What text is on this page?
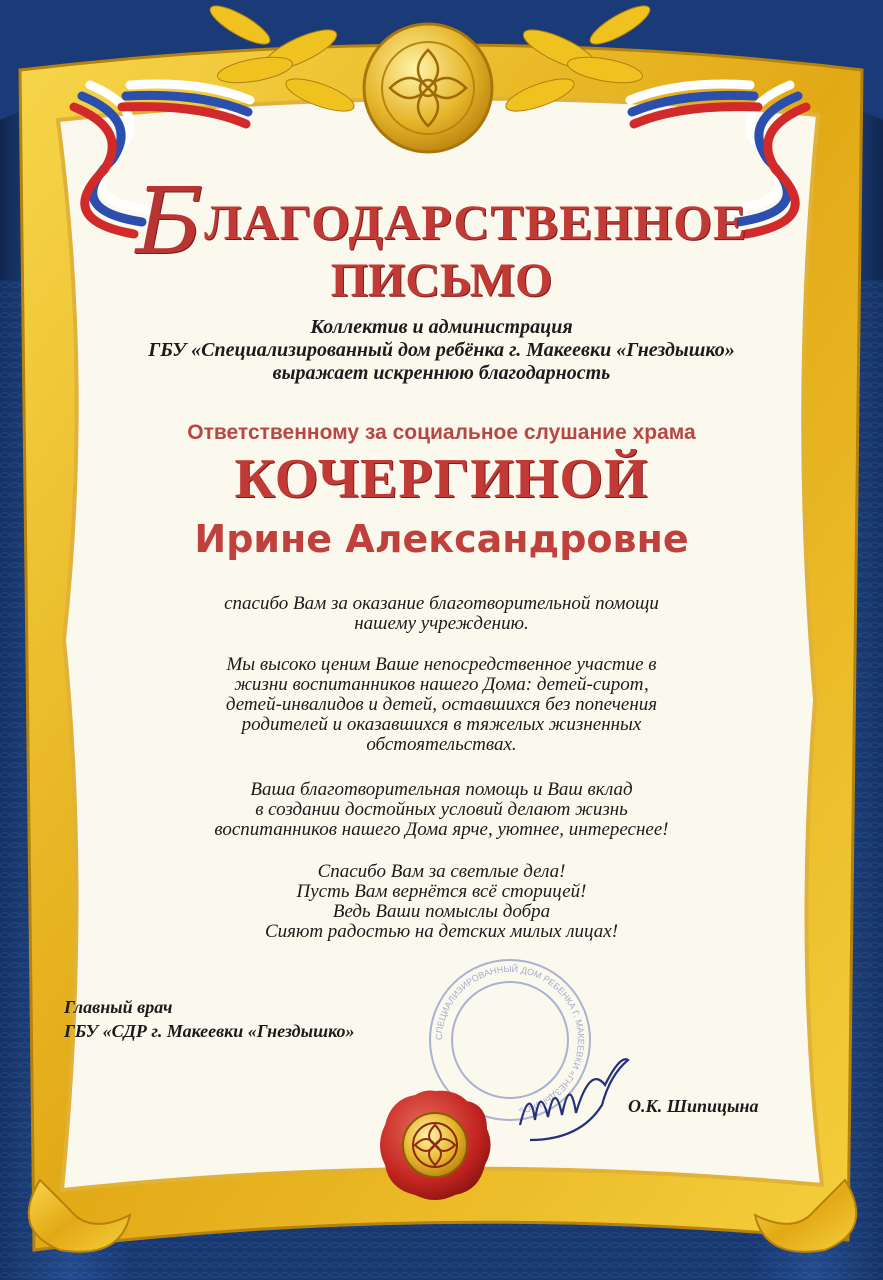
БЛАГОДАРСТВЕННОЕ

ПИСЬМО

Коллектив и администрация
ГБУ «Специализированный дом ребёнка г. Макеевки «Гнездышко»
выражает искреннюю благодарность

Ответственному за социальное слушание храма

КОЧЕРГИНОЙ

Ирине Александровне

спасибо Вам за оказание благотворительной помощи
нашему учреждению.
Мы высоко ценим Ваше непосредственное участие в
жизни воспитанников нашего Дома: детей-сирот,
детей-инвалидов и детей, оставшихся без попечения
родителей и оказавшихся в тяжелых жизненных
обстоятельствах.
Ваша благотворительная помощь и Ваш вклад
в создании достойных условий делают жизнь
воспитанников нашего Дома ярче, уютнее, интереснее!
Спасибо Вам за светлые дела!
Пусть Вам вернётся всё сторицей!
Ведь Ваши помыслы добра
Сияют радостью на детских милых лицах!
СПЕЦИАЛИЗИРОВАННЫЙ ДОМ РЕБЕНКА Г. МАКЕЕВКИ «ГНЕЗДЫШКО»
Главный врач
ГБУ «СДР г. Макеевки «Гнездышко»

О.К. Шипицына
